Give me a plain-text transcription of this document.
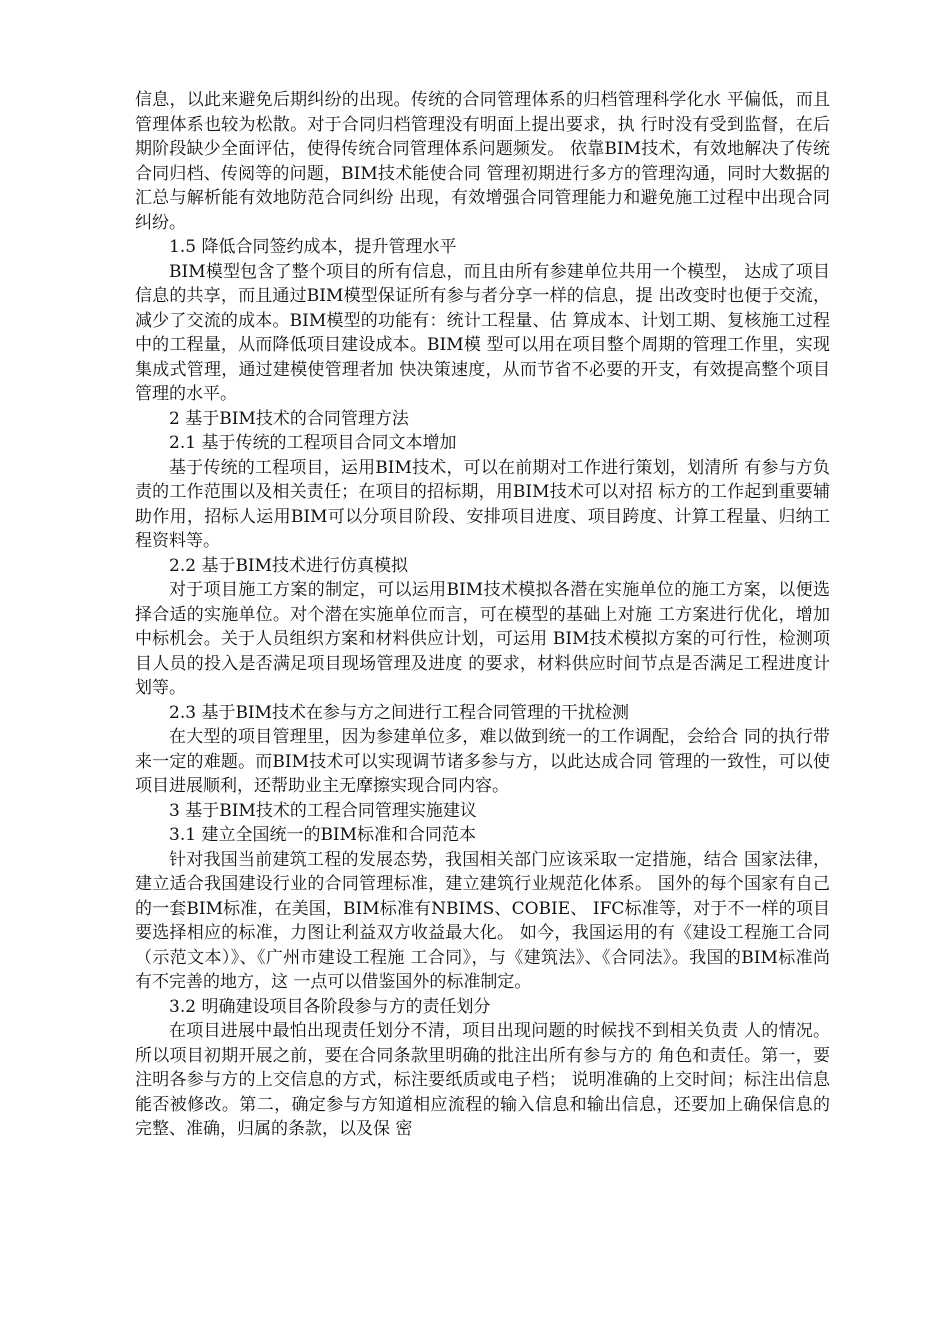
信息，以此来避免后期纠纷的出现。传统的合同管理体系的归档管理科学化水 平偏低，而且管理体系也较为松散。对于合同归档管理没有明面上提出要求，执 行时没有受到监督，在后期阶段缺少全面评估，使得传统合同管理体系问题频发。 依靠BIM技术，有效地解决了传统合同归档、传阅等的问题，BIM技术能使合同 管理初期进行多方的管理沟通，同时大数据的汇总与解析能有效地防范合同纠纷 出现，有效增强合同管理能力和避免施工过程中出现合同纠纷。

1.5 降低合同签约成本，提升管理水平

BIM模型包含了整个项目的所有信息，而且由所有参建单位共用一个模型， 达成了项目信息的共享，而且通过BIM模型保证所有参与者分享一样的信息，提 出改变时也便于交流，减少了交流的成本。BIM模型的功能有：统计工程量、估 算成本、计划工期、复核施工过程中的工程量，从而降低项目建设成本。BIM模 型可以用在项目整个周期的管理工作里，实现集成式管理，通过建模使管理者加 快决策速度，从而节省不必要的开支，有效提高整个项目管理的水平。

2 基于BIM技术的合同管理方法

2.1 基于传统的工程项目合同文本增加

基于传统的工程项目，运用BIM技术，可以在前期对工作进行策划，划清所 有参与方负责的工作范围以及相关责任；在项目的招标期，用BIM技术可以对招 标方的工作起到重要辅助作用，招标人运用BIM可以分项目阶段、安排项目进度、项目跨度、计算工程量、归纳工程资料等。

2.2 基于BIM技术进行仿真模拟

对于项目施工方案的制定，可以运用BIM技术模拟各潜在实施单位的施工方案，以便选择合适的实施单位。对个潜在实施单位而言，可在模型的基础上对施 工方案进行优化，增加中标机会。关于人员组织方案和材料供应计划，可运用 BIM技术模拟方案的可行性，检测项目人员的投入是否满足项目现场管理及进度 的要求，材料供应时间节点是否满足工程进度计划等。

2.3 基于BIM技术在参与方之间进行工程合同管理的干扰检测

在大型的项目管理里，因为参建单位多，难以做到统一的工作调配，会给合 同的执行带来一定的难题。而BIM技术可以实现调节诸多参与方，以此达成合同 管理的一致性，可以使项目进展顺利，还帮助业主无摩擦实现合同内容。

3 基于BIM技术的工程合同管理实施建议

3.1 建立全国统一的BIM标准和合同范本

针对我国当前建筑工程的发展态势，我国相关部门应该采取一定措施，结合 国家法律，建立适合我国建设行业的合同管理标准，建立建筑行业规范化体系。 国外的每个国家有自己的一套BIM标准，在美国，BIM标准有NBIMS、COBIE、 IFC标准等，对于不一样的项目要选择相应的标准，力图让利益双方收益最大化。 如今，我国运用的有《建设工程施工合同（示范文本）》、《广州市建设工程施 工合同》，与《建筑法》、《合同法》。我国的BIM标准尚有不完善的地方，这 一点可以借鉴国外的标准制定。

3.2 明确建设项目各阶段参与方的责任划分

在项目进展中最怕出现责任划分不清，项目出现问题的时候找不到相关负责 人的情况。所以项目初期开展之前，要在合同条款里明确的批注出所有参与方的 角色和责任。第一，要注明各参与方的上交信息的方式，标注要纸质或电子档； 说明准确的上交时间；标注出信息能否被修改。第二，确定参与方知道相应流程的输入信息和输出信息，还要加上确保信息的完整、准确，归属的条款，以及保 密
